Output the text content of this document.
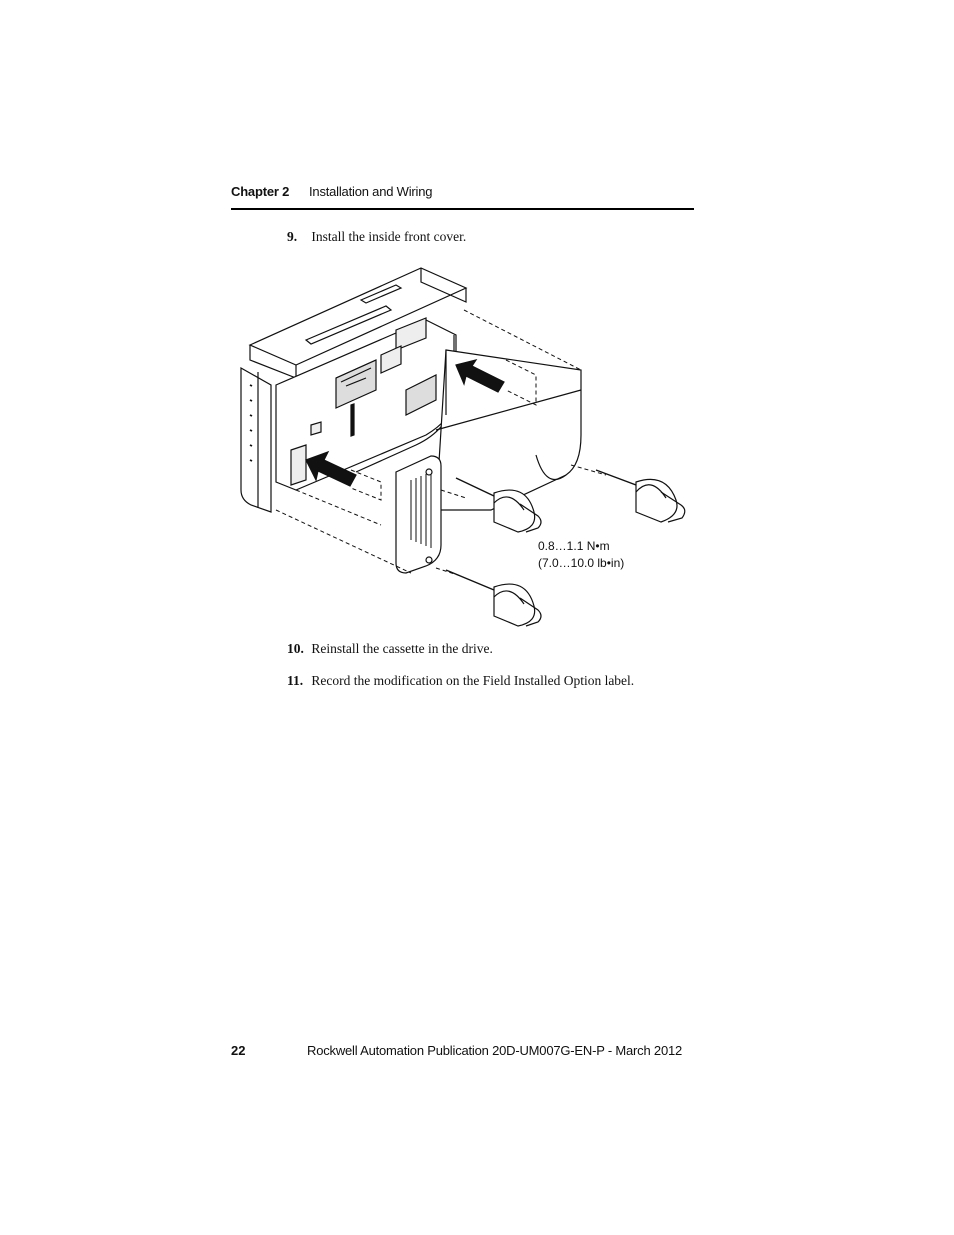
Chapter 2 Installation and Wiring
9. Install the inside front cover.
0.8…1.1 N•m
(7.0…10.0 lb•in)
10. Reinstall the cassette in the drive.
11. Record the modification on the Field Installed Option label.
22	Rockwell Automation Publication 20D-UM007G-EN-P - March 2012
